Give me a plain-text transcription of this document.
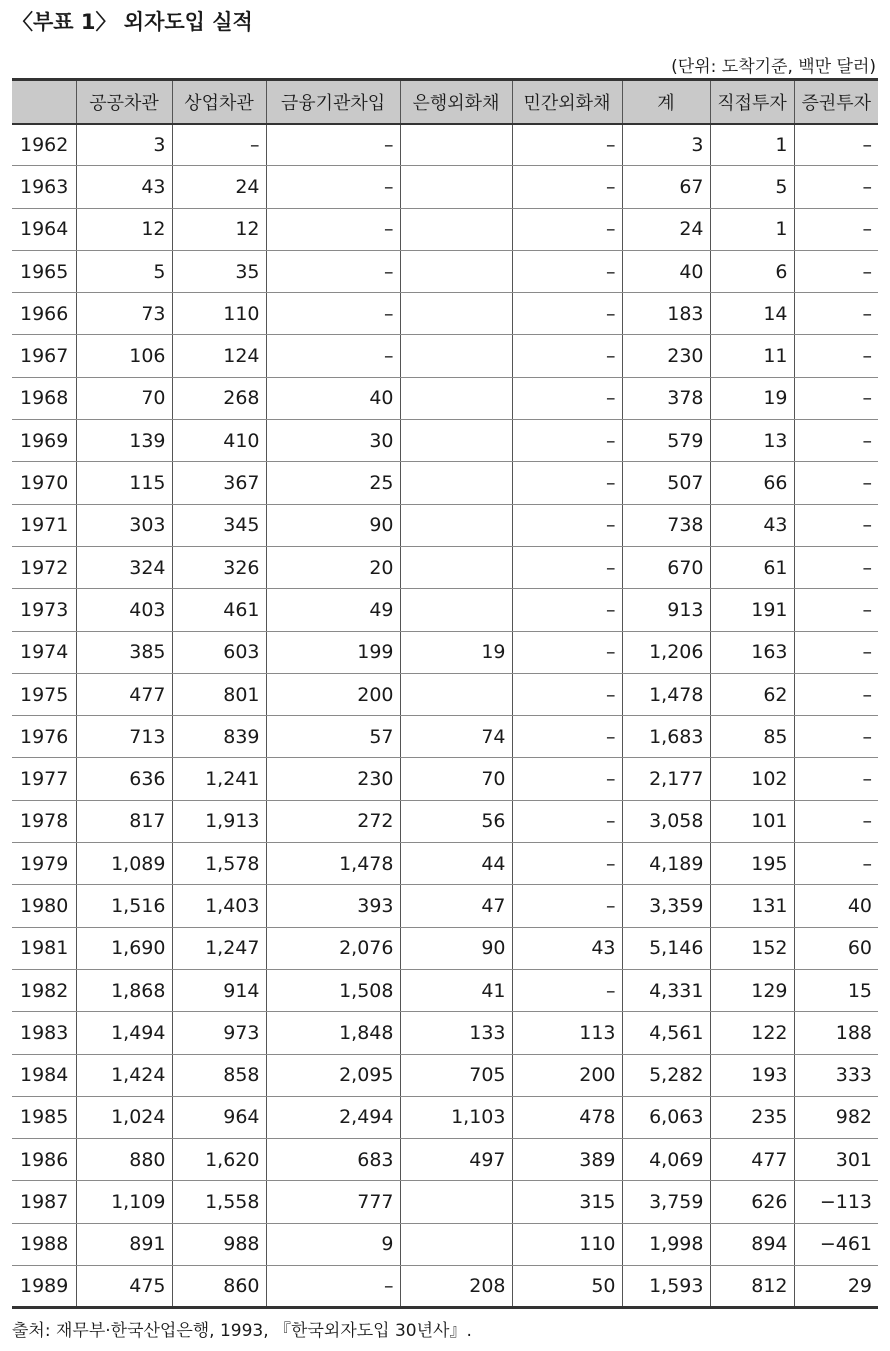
〈부표 1〉 외자도입 실적
(단위: 도착기준, 백만 달러)
	공공차관	상업차관	금융기관차입	은행외화채	민간외화채	계	직접투자	증권투자
1962	3	–	–		–	3	1	–
1963	43	24	–		–	67	5	–
1964	12	12	–		–	24	1	–
1965	5	35	–		–	40	6	–
1966	73	110	–		–	183	14	–
1967	106	124	–		–	230	11	–
1968	70	268	40		–	378	19	–
1969	139	410	30		–	579	13	–
1970	115	367	25		–	507	66	–
1971	303	345	90		–	738	43	–
1972	324	326	20		–	670	61	–
1973	403	461	49		–	913	191	–
1974	385	603	199	19	–	1,206	163	–
1975	477	801	200		–	1,478	62	–
1976	713	839	57	74	–	1,683	85	–
1977	636	1,241	230	70	–	2,177	102	–
1978	817	1,913	272	56	–	3,058	101	–
1979	1,089	1,578	1,478	44	–	4,189	195	–
1980	1,516	1,403	393	47	–	3,359	131	40
1981	1,690	1,247	2,076	90	43	5,146	152	60
1982	1,868	914	1,508	41	–	4,331	129	15
1983	1,494	973	1,848	133	113	4,561	122	188
1984	1,424	858	2,095	705	200	5,282	193	333
1985	1,024	964	2,494	1,103	478	6,063	235	982
1986	880	1,620	683	497	389	4,069	477	301
1987	1,109	1,558	777		315	3,759	626	−113
1988	891	988	9		110	1,998	894	−461
1989	475	860	–	208	50	1,593	812	29
출처: 재무부·한국산업은행, 1993, 『한국외자도입 30년사』.
